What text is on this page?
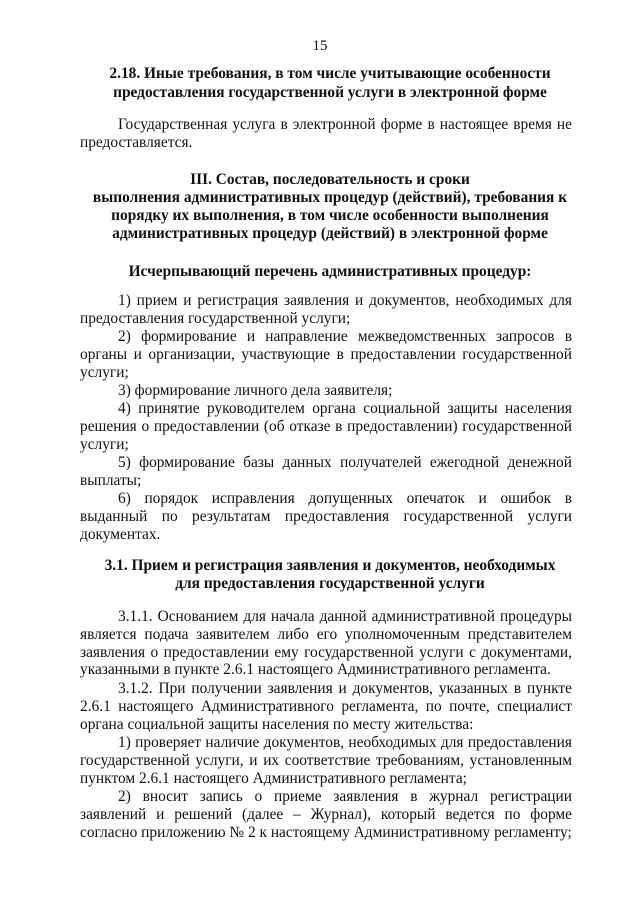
15
2.18. Иные требования, в том числе учитывающие особенности предоставления государственной услуги в электронной форме
Государственная услуга в электронной форме в настоящее время не предоставляется.
III. Состав, последовательность и сроки
выполнения административных процедур (действий), требования к
порядку их выполнения, в том числе особенности выполнения
административных процедур (действий) в электронной форме
Исчерпывающий перечень административных процедур:
1) прием и регистрация заявления и документов, необходимых для предоставления государственной услуги;
2) формирование и направление межведомственных запросов в органы и организации, участвующие в предоставлении государственной услуги;
3) формирование личного дела заявителя;
4) принятие руководителем органа социальной защиты населения решения о предоставлении (об отказе в предоставлении) государственной услуги;
5) формирование базы данных получателей ежегодной денежной выплаты;
6) порядок исправления допущенных опечаток и ошибок в выданный по результатам предоставления государственной услуги документах.
3.1. Прием и регистрация заявления и документов, необходимых
для предоставления государственной услуги
3.1.1. Основанием для начала данной административной процедуры является подача заявителем либо его уполномоченным представителем заявления о предоставлении ему государственной услуги с документами, указанными в пункте 2.6.1 настоящего Административного регламента.
3.1.2. При получении заявления и документов, указанных в пункте 2.6.1 настоящего Административного регламента, по почте, специалист органа социальной защиты населения по месту жительства:
1) проверяет наличие документов, необходимых для предоставления государственной услуги, и их соответствие требованиям, установленным пунктом 2.6.1 настоящего Административного регламента;
2) вносит запись о приеме заявления в журнал регистрации заявлений и решений (далее – Журнал), который ведется по форме согласно приложению № 2 к настоящему Административному регламенту;
